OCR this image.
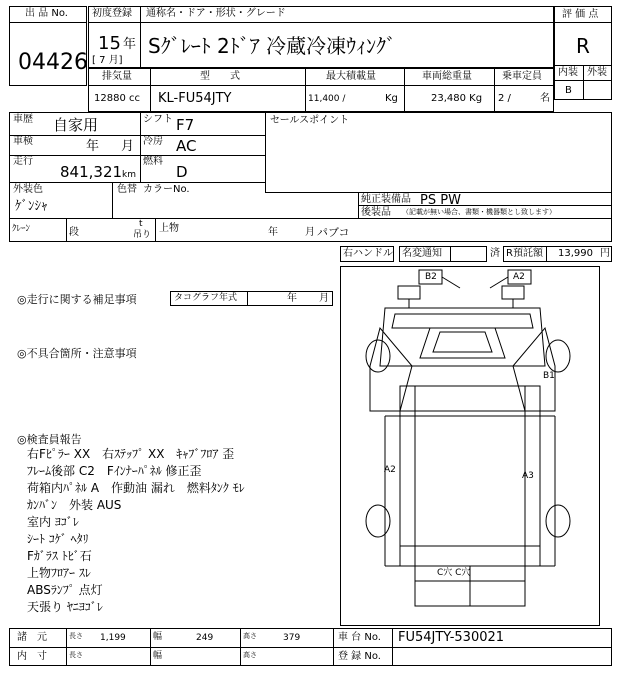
出 品 No.
04426
初度登録 通称名・ドア・形状・グレード
15 年
[ 7 月]
Sｸﾞﾚｰﾄ 2ﾄﾞｱ 冷蔵冷凍ｳｨﾝｸﾞ
評 価 点
R
内装 外装
B
排気量	型　　式	最大積載量	車両総重量	乗車定員
12880 cc KL-FU54JTY	11,400 /	Kg	23,480 Kg 2 /	名
車歴 自家用	シフト F7	セールスポイント
車検	年 月 冷房 AC
走行
841,321 km
燃料
D
外装色
ｹﾞﾝｼｬ
色替 カラーNo.
純正装備品 PS PW
後装品 （記載が無い場合、書類・機器類とし致します）
ｸﾚｰﾝ	段
t
吊り
上物	年	月 パブコ
右ハンドル 名変通知	済 R預託額 13,990 円
◎走行に関する補足事項	タコグラフ年式	年 月
◎不具合箇所・注意事項
◎検査員報告
右Fﾋﾟﾗｰ XX　右ｽﾃｯﾌﾟ XX　ｷｬﾌﾞﾌﾛｱ 歪
ﾌﾚｰﾑ後部 C2　Fｲﾝﾅｰﾊﾟﾈﾙ 修正歪
荷箱内ﾊﾟﾈﾙ A　作動油 漏れ　燃料ﾀﾝｸ ﾓﾚ
ｶﾝﾊﾞﾝ　外装 AUS
室内 ﾖｺﾞﾚ
ｼｰﾄ ｺｹﾞ ﾍﾀﾘ
Fｶﾞﾗｽ ﾄﾋﾞ石
上物ﾌﾛｱｰ ｽﾚ
ABSﾗﾝﾌﾟ 点灯
天張り ﾔﾆﾖｺﾞﾚ
B2	A2
B1
A2
A3
C穴 C穴
諸　元	長さ 1,199	幅	249	高さ	379	車 台 No. FU54JTY-530021
内　寸	長さ	幅	高さ	登 録 No.
